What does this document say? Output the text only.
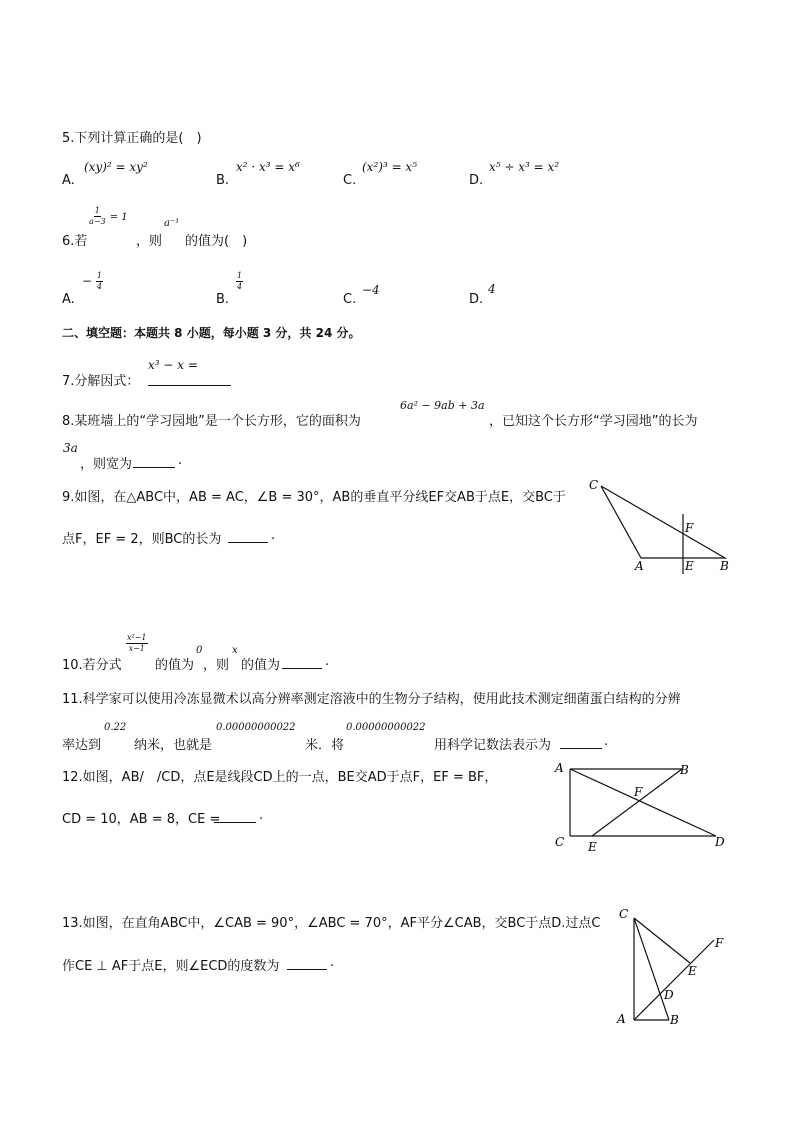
5.下列计算正确的是(　)
A.
(xy)² = xy²
B.
x² · x³ = x⁶
C.
(x²)³ = x⁵
D.
x⁵ ÷ x³ = x²
6.若
$\frac{1}{a-3} = 1$
，则
a⁻¹
的值为(　)
A.
− $\frac{1}{4}$
B.
$\frac{1}{4}$
C.
−4
D.
4
二、填空题：本题共 8 小题，每小题 3 分，共 24 分。
7.分解因式：
x³ − x =
8.某班墙上的“学习园地”是一个长方形，它的面积为
6a² − 9ab + 3a
，已知这个长方形“学习园地”的长为
3a
，则宽为	.
9.如图，在△ABC中，AB = AC，∠B = 30°，AB的垂直平分线EF交AB于点E，交BC于
点F，EF = 2，则BC的长为	.
C
F
A	E B
10.若分式
$\frac{\text{x²−1}}{x-1}$
的值为
0
，则
x
的值为	.
11.科学家可以使用冷冻显微术以高分辨率测定溶液中的生物分子结构，使用此技术测定细菌蛋白结构的分辨
率达到
0.22
纳米，也就是
0.00000000022
米．将
0.00000000022
用科学记数法表示为	.
12.如图，AB/　/CD，点E是线段CD上的一点，BE交AD于点F，EF = BF，
CD = 10，AB = 8，CE =	.
A	B
F
C E	D
13.如图，在直角ABC中，∠CAB = 90°，∠ABC = 70°，AF平分∠CAB，交BC于点D.过点C
作CE ⊥ AF于点E，则∠ECD的度数为	.
C
F
E
D
A	B
